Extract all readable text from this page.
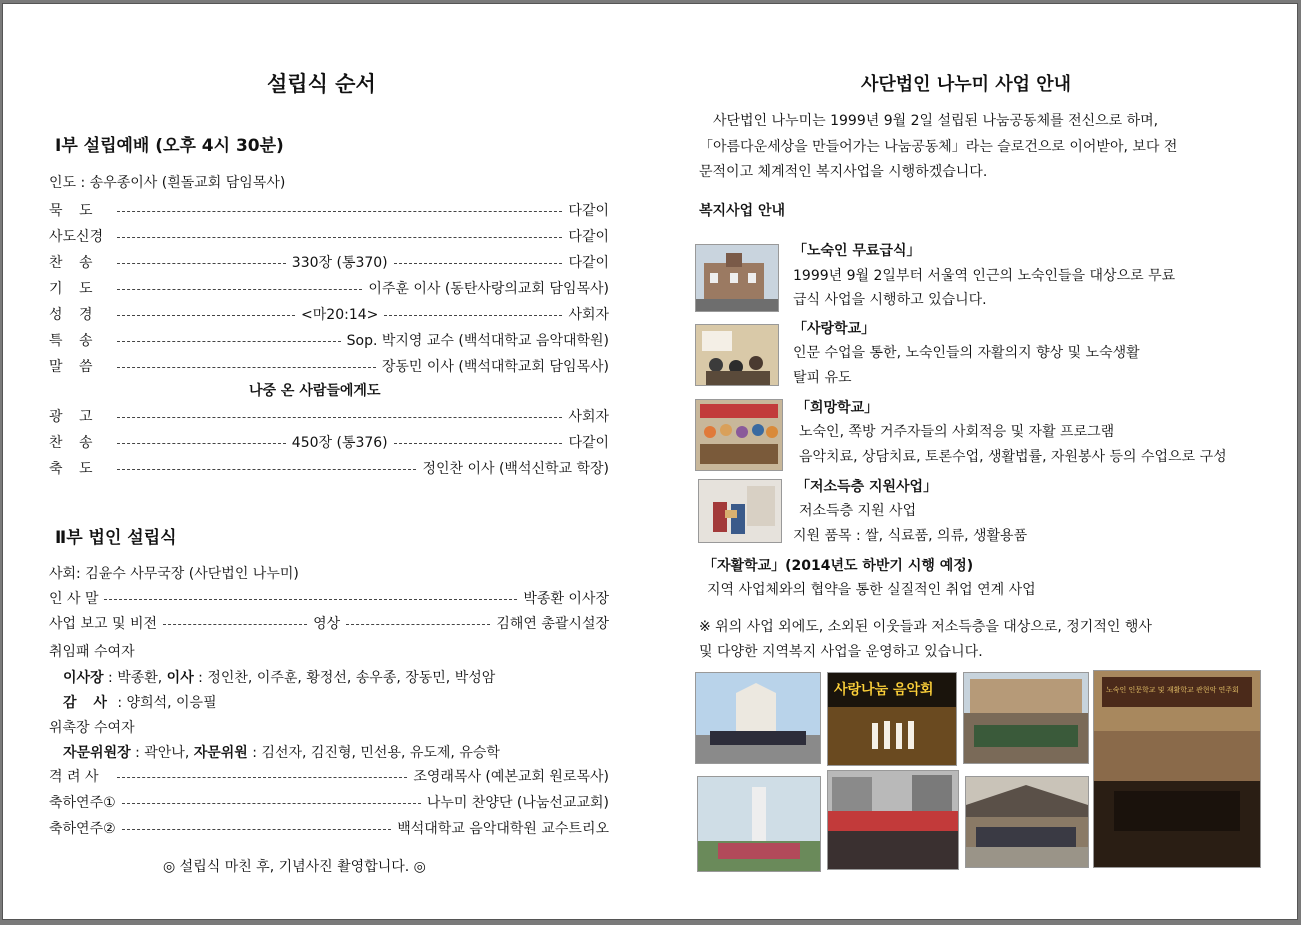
설립식 순서
Ⅰ부 설립예배 (오후 4시 30분)
인도 : 송우종이사 (흰돌교회 담임목사)
묵 도	다같이
사도신경	다같이
찬 송	330장 (통370)	다같이
기 도	이주훈 이사 (동탄사랑의교회 담임목사)
성 경	<마20:14>	사회자
특 송	Sop. 박지영 교수 (백석대학교 음악대학원)
말 씀	장동민 이사 (백석대학교회 담임목사)
나중 온 사람들에게도
광 고	사회자
찬 송	450장 (통376)	다같이
축 도	정인찬 이사 (백석신학교 학장)
Ⅱ부 법인 설립식
사회: 김윤수 사무국장 (사단법인 나누미)
인 사 말	박종환 이사장
사업 보고 및 비전	영상	김해연 총괄시설장
취임패 수여자
이사장 : 박종환, 이사 : 정인찬, 이주훈, 황정선, 송우종, 장동민, 박성암
감 사 : 양희석, 이응필
위촉장 수여자
자문위원장 : 곽안나, 자문위원 : 김선자, 김진형, 민선용, 유도제, 유승학
격 려 사	조영래목사 (예본교회 원로목사)
축하연주①	나누미 찬양단 (나눔선교교회)
축하연주②	백석대학교 음악대학원 교수트리오
◎ 설립식 마친 후, 기념사진 촬영합니다. ◎
사단법인 나누미 사업 안내
사단법인 나누미는 1999년 9월 2일 설립된 나눔공동체를 전신으로 하며,
「아름다운세상을 만들어가는 나눔공동체」라는 슬로건으로 이어받아, 보다 전
문적이고 체계적인 복지사업을 시행하겠습니다.
복지사업 안내
「노숙인 무료급식」
1999년 9월 2일부터 서울역 인근의 노숙인들을 대상으로 무료
급식 사업을 시행하고 있습니다.
「사랑학교」
인문 수업을 통한, 노숙인들의 자활의지 향상 및 노숙생활
탈피 유도
「희망학교」
노숙인, 쪽방 거주자들의 사회적응 및 자활 프로그램
음악치료, 상담치료, 토론수업, 생활법률, 자원봉사 등의 수업으로 구성
「저소득층 지원사업」
저소득층 지원 사업
지원 품목 : 쌀, 식료품, 의류, 생활용품
「자활학교」(2014년도 하반기 시행 예정)
지역 사업체와의 협약을 통한 실질적인 취업 연계 사업
※ 위의 사업 외에도, 소외된 이웃들과 저소득층을 대상으로, 정기적인 행사
및 다양한 지역복지 사업을 운영하고 있습니다.
사랑나눔 음악회	노숙인 인문학교 및 재활학교 관현악 연주회
